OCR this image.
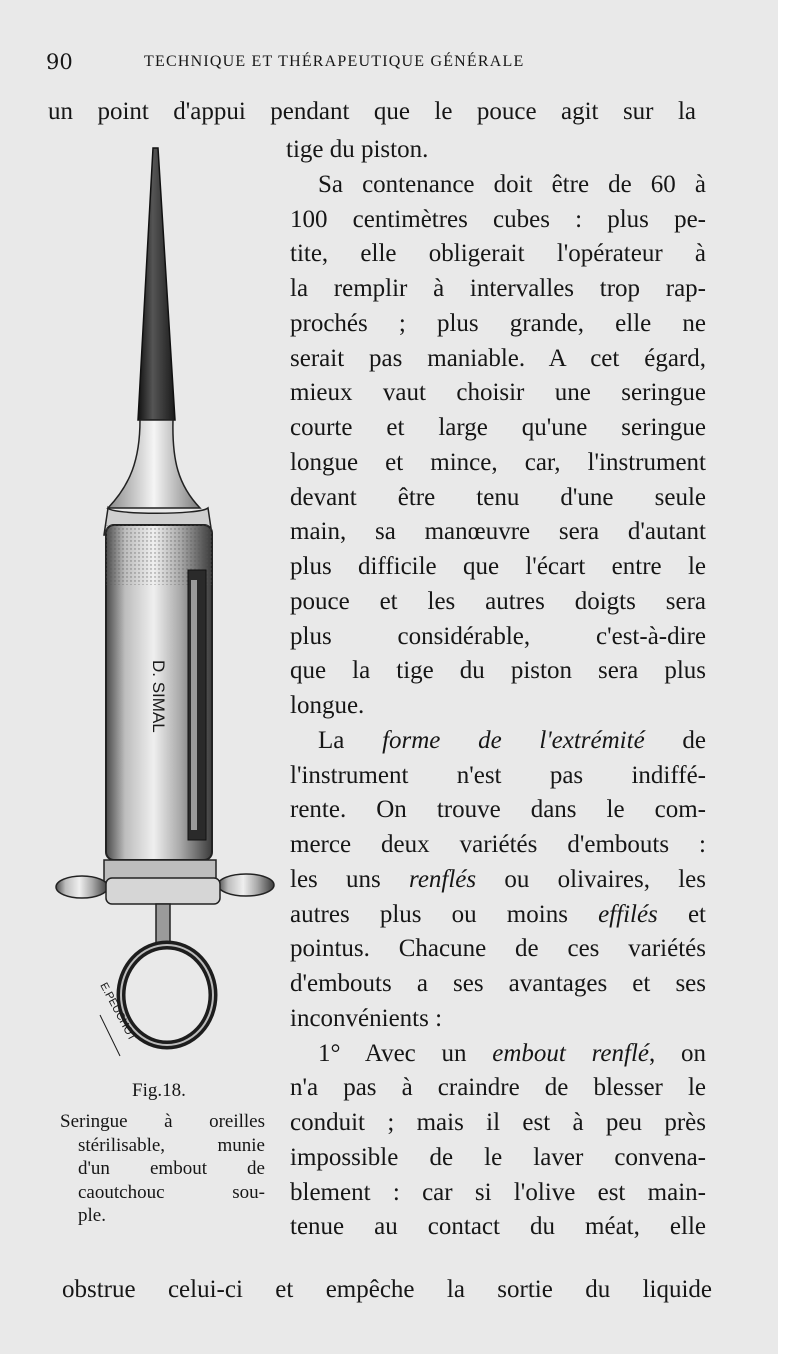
90	TECHNIQUE ET THÉRAPEUTIQUE GÉNÉRALE
un point d'appui pendant que le pouce agit sur la
tige du piston.
Sa contenance doit être de 60 à
100 centimètres cubes : plus pe-
tite, elle obligerait l'opérateur à
la remplir à intervalles trop rap-
prochés ; plus grande, elle ne
serait pas maniable. A cet égard,
mieux vaut choisir une seringue
courte et large qu'une seringue
longue et mince, car, l'instrument
devant être tenu d'une seule
main, sa manœuvre sera d'autant
plus difficile que l'écart entre le
pouce et les autres doigts sera
plus considérable, c'est-à-dire
que la tige du piston sera plus
longue.
La forme de l'extrémité de
l'instrument n'est pas indiffé-
rente. On trouve dans le com-
merce deux variétés d'embouts :
les uns renflés ou olivaires, les
autres plus ou moins effilés et
pointus. Chacune de ces variétés
d'embouts a ses avantages et ses
inconvénients :
1° Avec un embout renflé, on
n'a pas à craindre de blesser le
conduit ; mais il est à peu près
impossible de le laver convena-
blement : car si l'olive est main-
tenue au contact du méat, elle
obstrue celui-ci et empêche la sortie du liquide
D. SIMAL
E.PEUCHOT
Fig.18.
Seringue à oreilles
stérilisable, munie
d'un embout de
caoutchouc sou-
ple.
